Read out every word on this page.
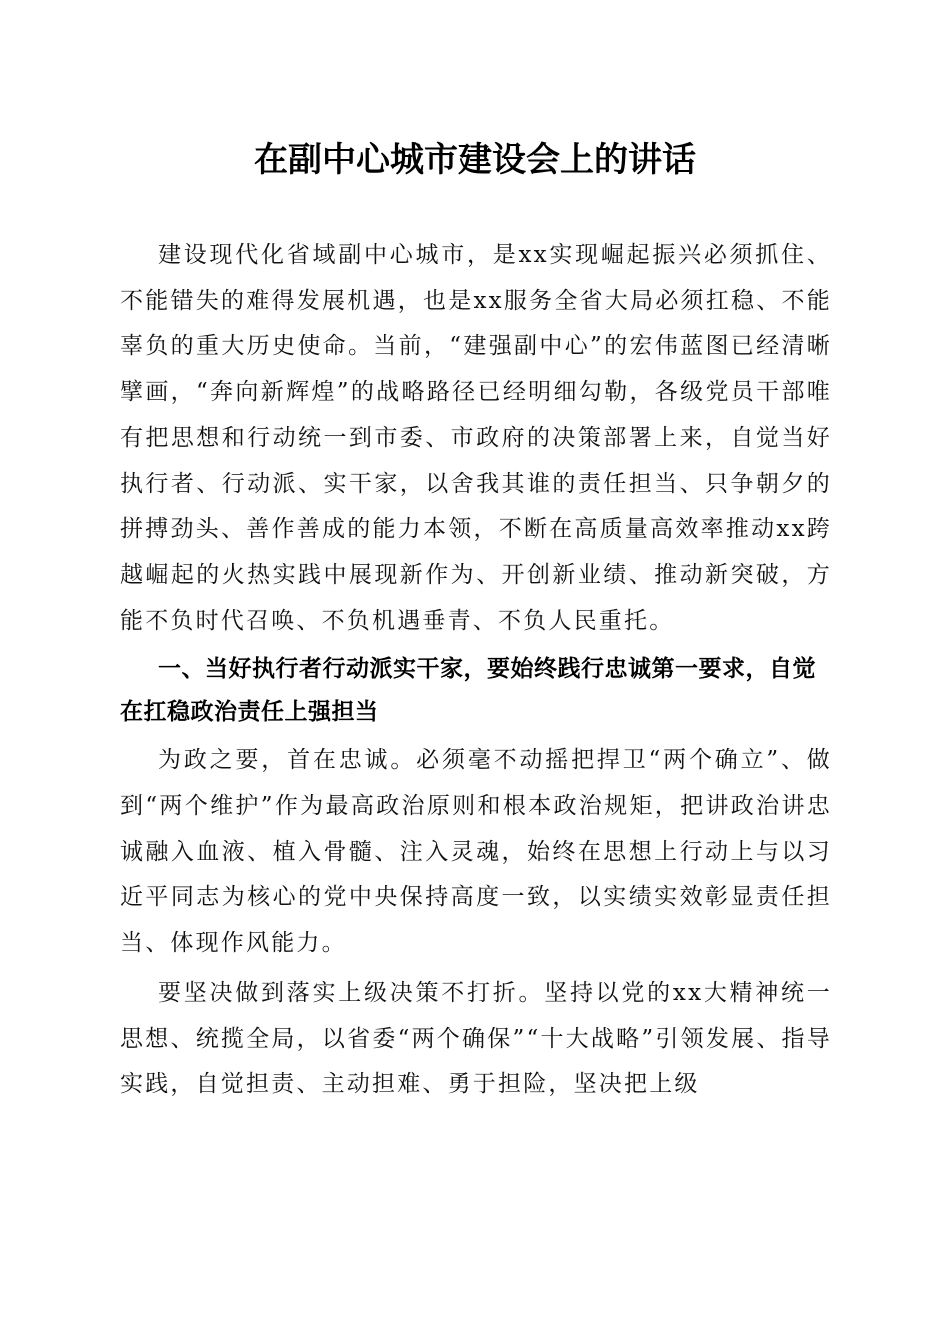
在副中心城市建设会上的讲话

建设现代化省域副中心城市，是xx实现崛起振兴必须抓住、不能错失的难得发展机遇，也是xx服务全省大局必须扛稳、不能辜负的重大历史使命。当前，“建强副中心”的宏伟蓝图已经清晰擘画，“奔向新辉煌”的战略路径已经明细勾勒，各级党员干部唯有把思想和行动统一到市委、市政府的决策部署上来，自觉当好执行者、行动派、实干家，以舍我其谁的责任担当、只争朝夕的拼搏劲头、善作善成的能力本领，不断在高质量高效率推动xx跨越崛起的火热实践中展现新作为、开创新业绩、推动新突破，方能不负时代召唤、不负机遇垂青、不负人民重托。

一、当好执行者行动派实干家，要始终践行忠诚第一要求，自觉在扛稳政治责任上强担当

为政之要，首在忠诚。必须毫不动摇把捍卫“两个确立”、做到“两个维护”作为最高政治原则和根本政治规矩，把讲政治讲忠诚融入血液、植入骨髓、注入灵魂，始终在思想上行动上与以习近平同志为核心的党中央保持高度一致，以实绩实效彰显责任担当、体现作风能力。

要坚决做到落实上级决策不打折。坚持以党的xx大精神统一思想、统揽全局，以省委“两个确保”“十大战略”引领发展、指导实践，自觉担责、主动担难、勇于担险，坚决把上级
